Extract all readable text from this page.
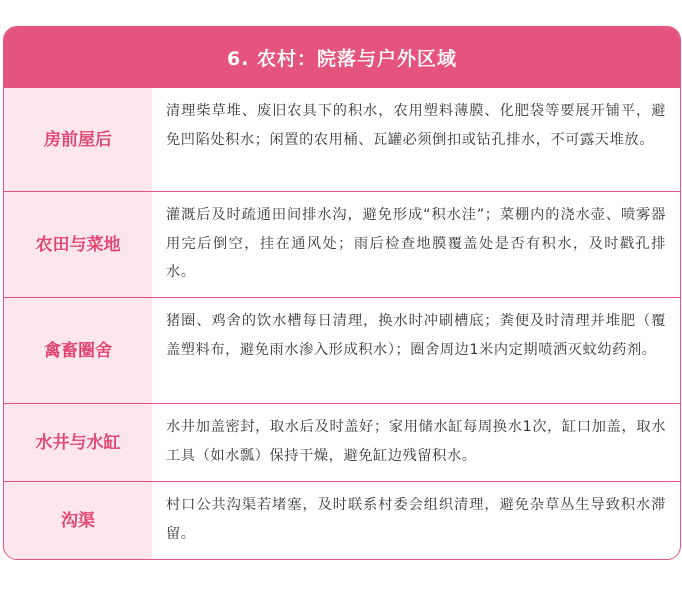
6. 农村：院落与户外区域
房前 屋后
清理柴草堆、废旧农具下的积水，农用塑料薄膜、化肥袋等要展开铺平，避免凹陷处积水；闲置的农用桶、瓦罐必须倒扣或钻孔排水，不可露天堆放。
农田 与菜地
灌溉后及时疏通田间排水沟，避免形成“积水洼”；菜棚内的浇水壶、喷雾器用完后倒空，挂在通风处；雨后检查地膜覆盖处是否有积水，及时戳孔排水。
禽畜 圈舍
猪圈、鸡舍的饮水槽每日清理，换水时冲刷槽底；粪便及时清理并堆肥（覆盖塑料布，避免雨水渗入形成积水）；圈舍周边1米内定期喷洒灭蚊幼药剂。
水井 与水缸
水井加盖密封，取水后及时盖好；家用储水缸每周换水1次，缸口加盖，取水工具（如水瓢）保持干燥，避免缸边残留积水。
沟渠
村口公共沟渠若堵塞，及时联系村委会组织清理，避免杂草丛生导致积水滞留。
